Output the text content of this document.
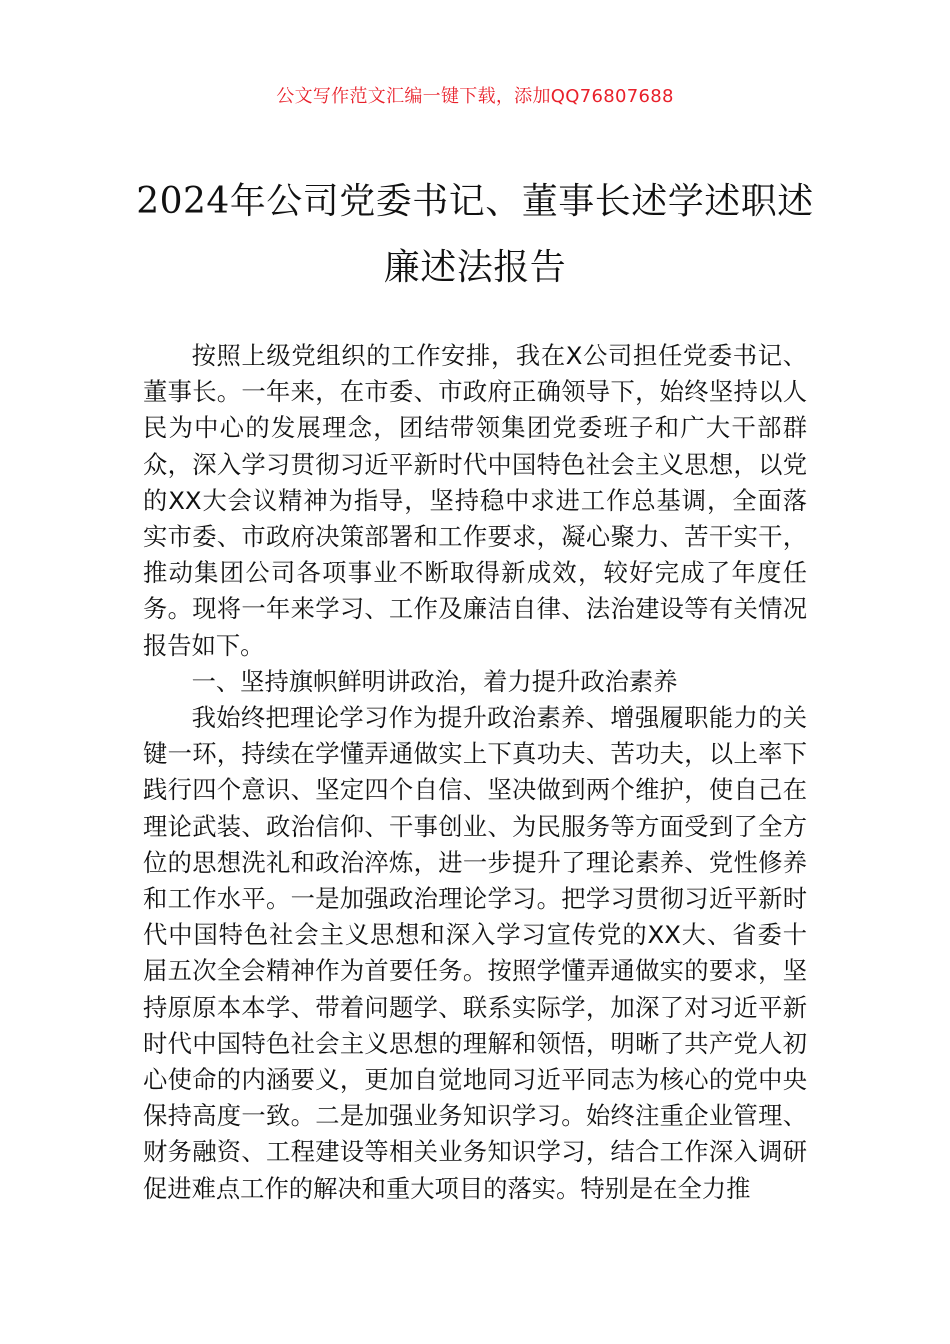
公文写作范文汇编一键下载，添加QQ76807688
2024年公司党委书记、董事长述学述职述
廉述法报告

按照上级党组织的工作安排，我在X公司担任党委书记、董事长。一年来，在市委、市政府正确领导下，始终坚持以人民为中心的发展理念，团结带领集团党委班子和广大干部群众，深入学习贯彻习近平新时代中国特色社会主义思想，以党的XX大会议精神为指导，坚持稳中求进工作总基调，全面落实市委、市政府决策部署和工作要求，凝心聚力、苦干实干，推动集团公司各项事业不断取得新成效，较好完成了年度任务。现将一年来学习、工作及廉洁自律、法治建设等有关情况报告如下。

一、坚持旗帜鲜明讲政治，着力提升政治素养

我始终把理论学习作为提升政治素养、增强履职能力的关键一环，持续在学懂弄通做实上下真功夫、苦功夫，以上率下践行四个意识、坚定四个自信、坚决做到两个维护，使自己在理论武装、政治信仰、干事创业、为民服务等方面受到了全方位的思想洗礼和政治淬炼，进一步提升了理论素养、党性修养和工作水平。一是加强政治理论学习。把学习贯彻习近平新时代中国特色社会主义思想和深入学习宣传党的XX大、省委十届五次全会精神作为首要任务。按照学懂弄通做实的要求，坚持原原本本学、带着问题学、联系实际学，加深了对习近平新时代中国特色社会主义思想的理解和领悟，明晰了共产党人初心使命的内涵要义，更加自觉地同习近平同志为核心的党中央保持高度一致。二是加强业务知识学习。始终注重企业管理、财务融资、工程建设等相关业务知识学习，结合工作深入调研促进难点工作的解决和重大项目的落实。特别是在全力推
